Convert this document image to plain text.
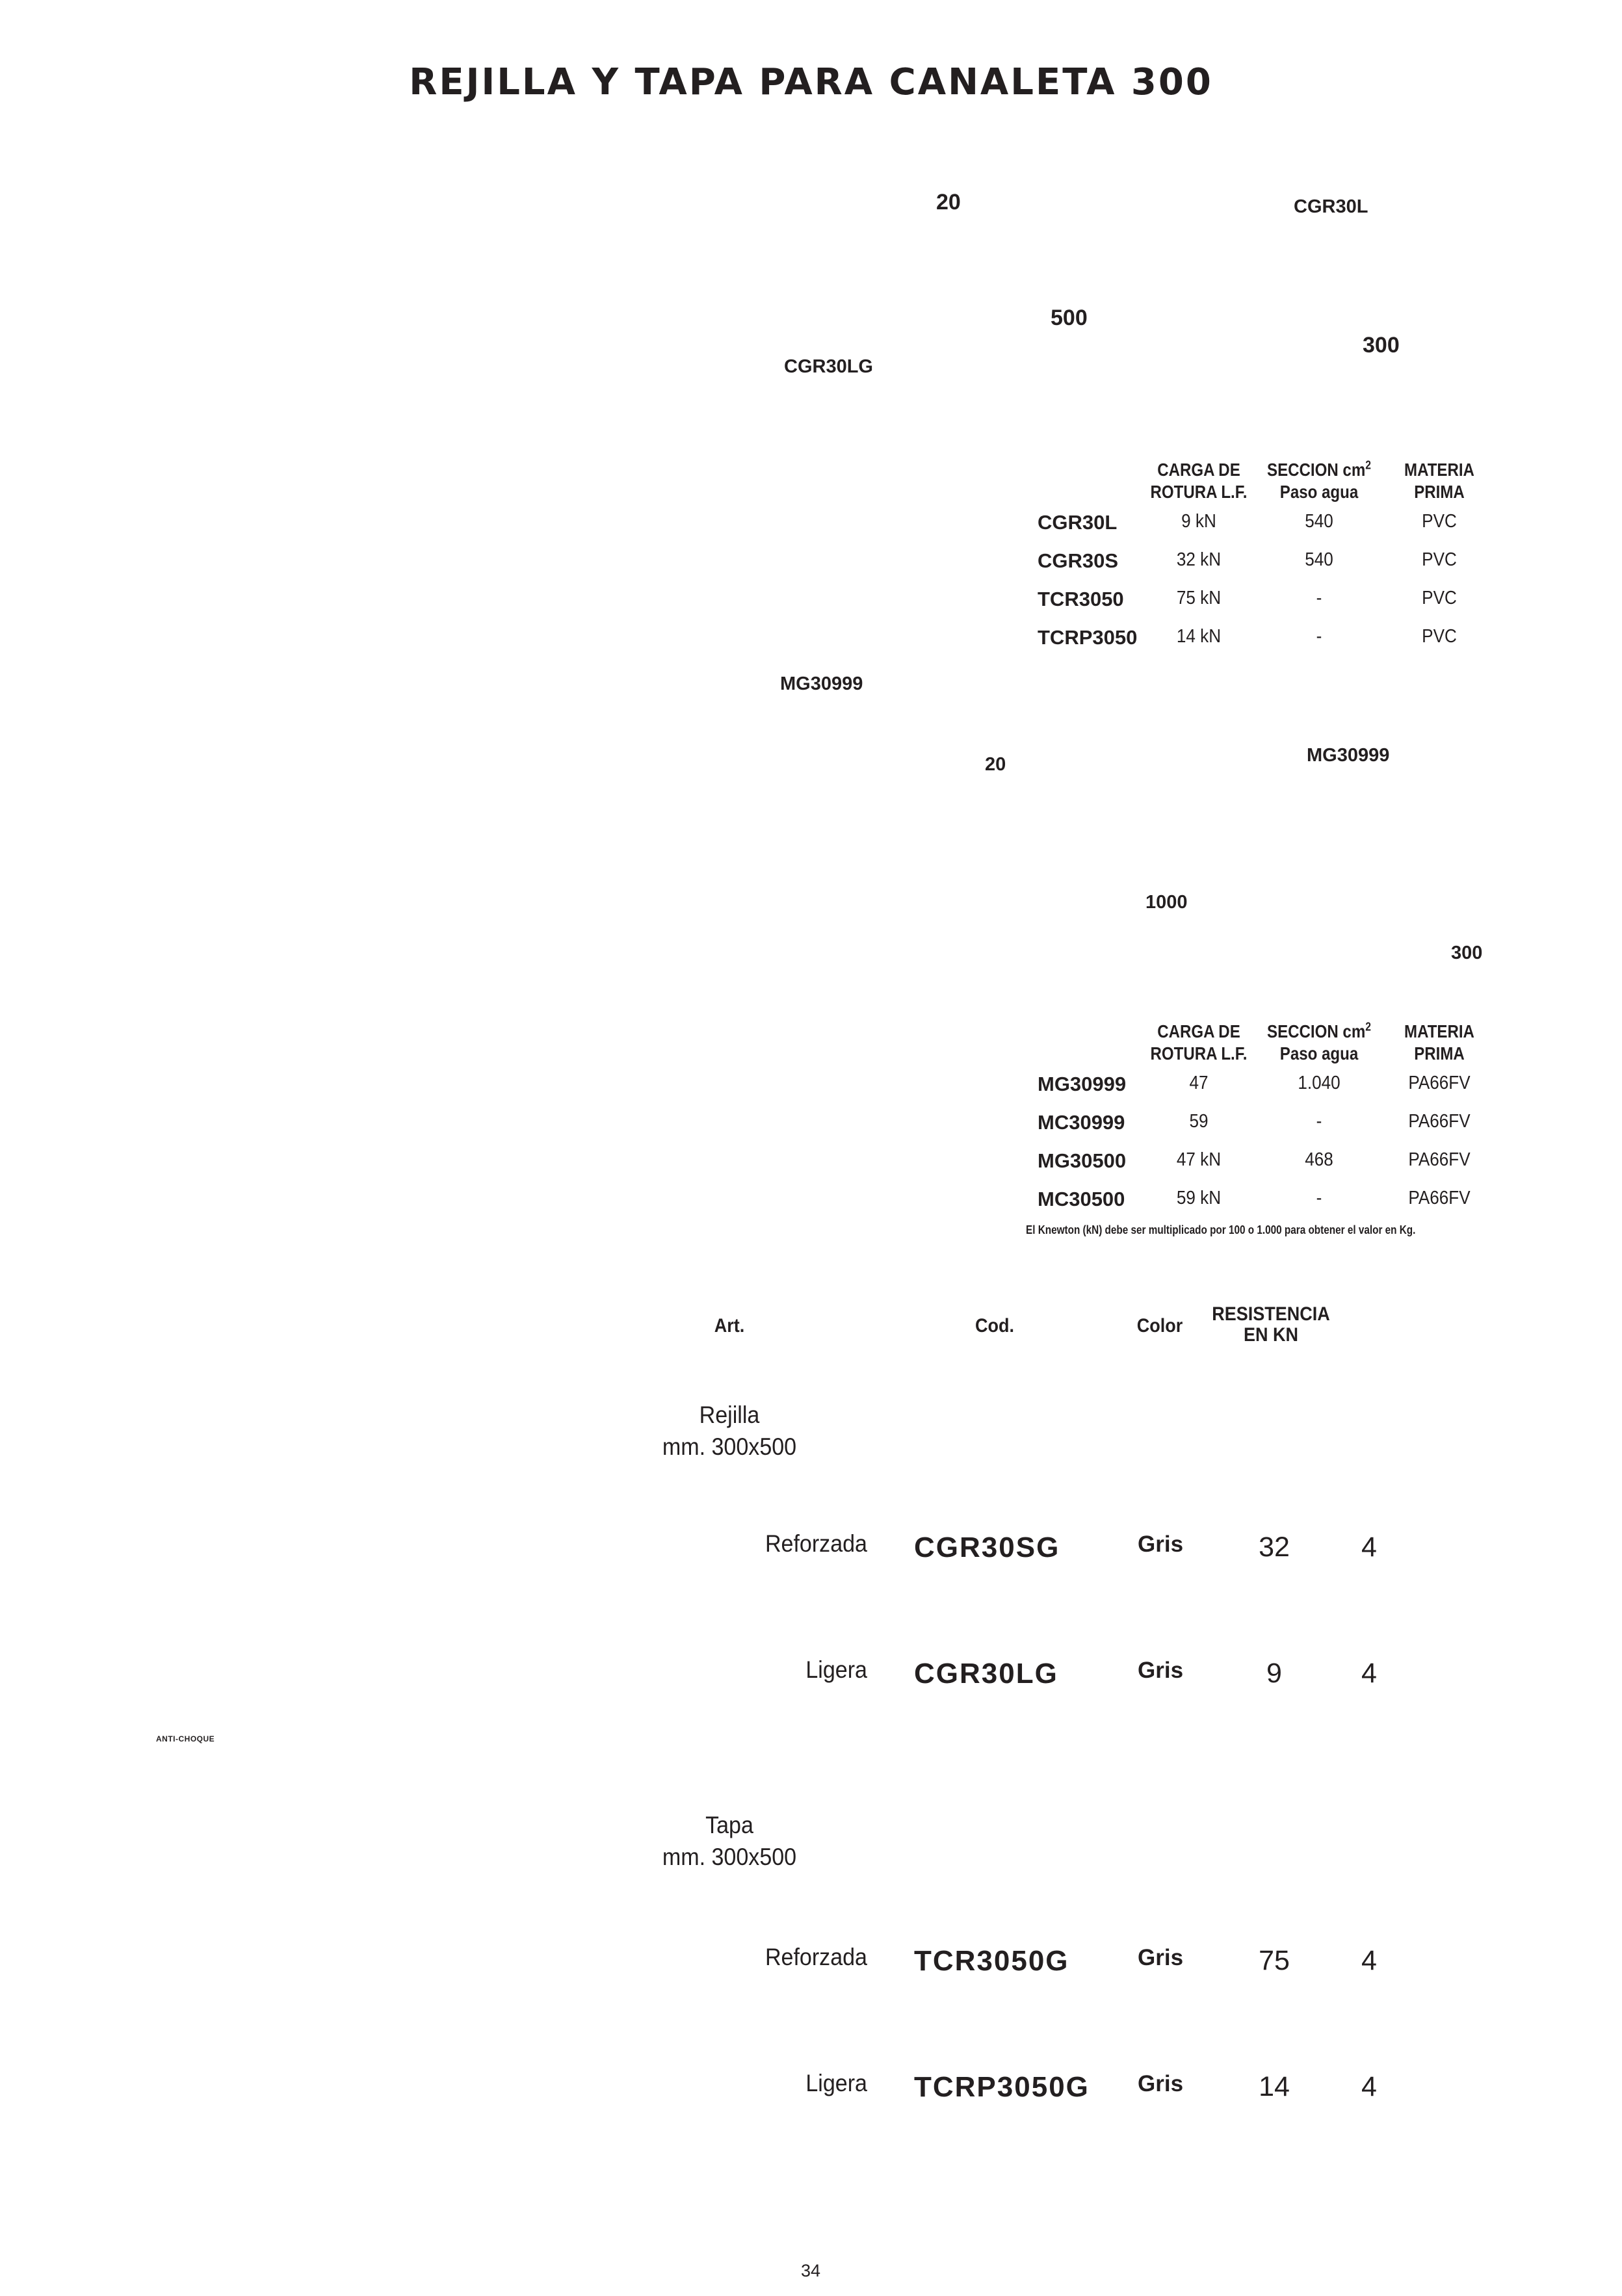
REJILLA Y TAPA PARA CANALETA 300
20	CGR30L
500
300
CGR30LG
CARGA DE
ROTURA L.F.
SECCION $cm^2$
Paso agua
MATERIA
PRIMA
CGR30L	9 kN	540	PVC
CGR30S	32 kN	540	PVC
TCR3050	75 kN	-	PVC
TCRP3050	14 kN	-	PVC
MG30999
20	MG30999
1000
300
CARGA DE
ROTURA L.F.
SECCION $cm^2$
Paso agua
MATERIA
PRIMA
MG30999	47	1.040	PA66FV
MC30999	59	-	PA66FV
MG30500	47 kN	468	PA66FV
MC30500	59 kN	-	PA66FV
El Knewton (kN) debe ser multiplicado por 100 o 1.000 para obtener el valor en Kg.
Art.	Cod.	Color
RESISTENCIA
EN KN
Rejilla
mm. 300x500
Reforzada CGR30SG	Gris	32	4
Ligera CGR30LG	Gris	9	4
Tapa
mm. 300x500
Reforzada TCR3050G	Gris	75	4
Ligera TCRP3050G Gris	14	4
ANTI-CHOQUE
34
